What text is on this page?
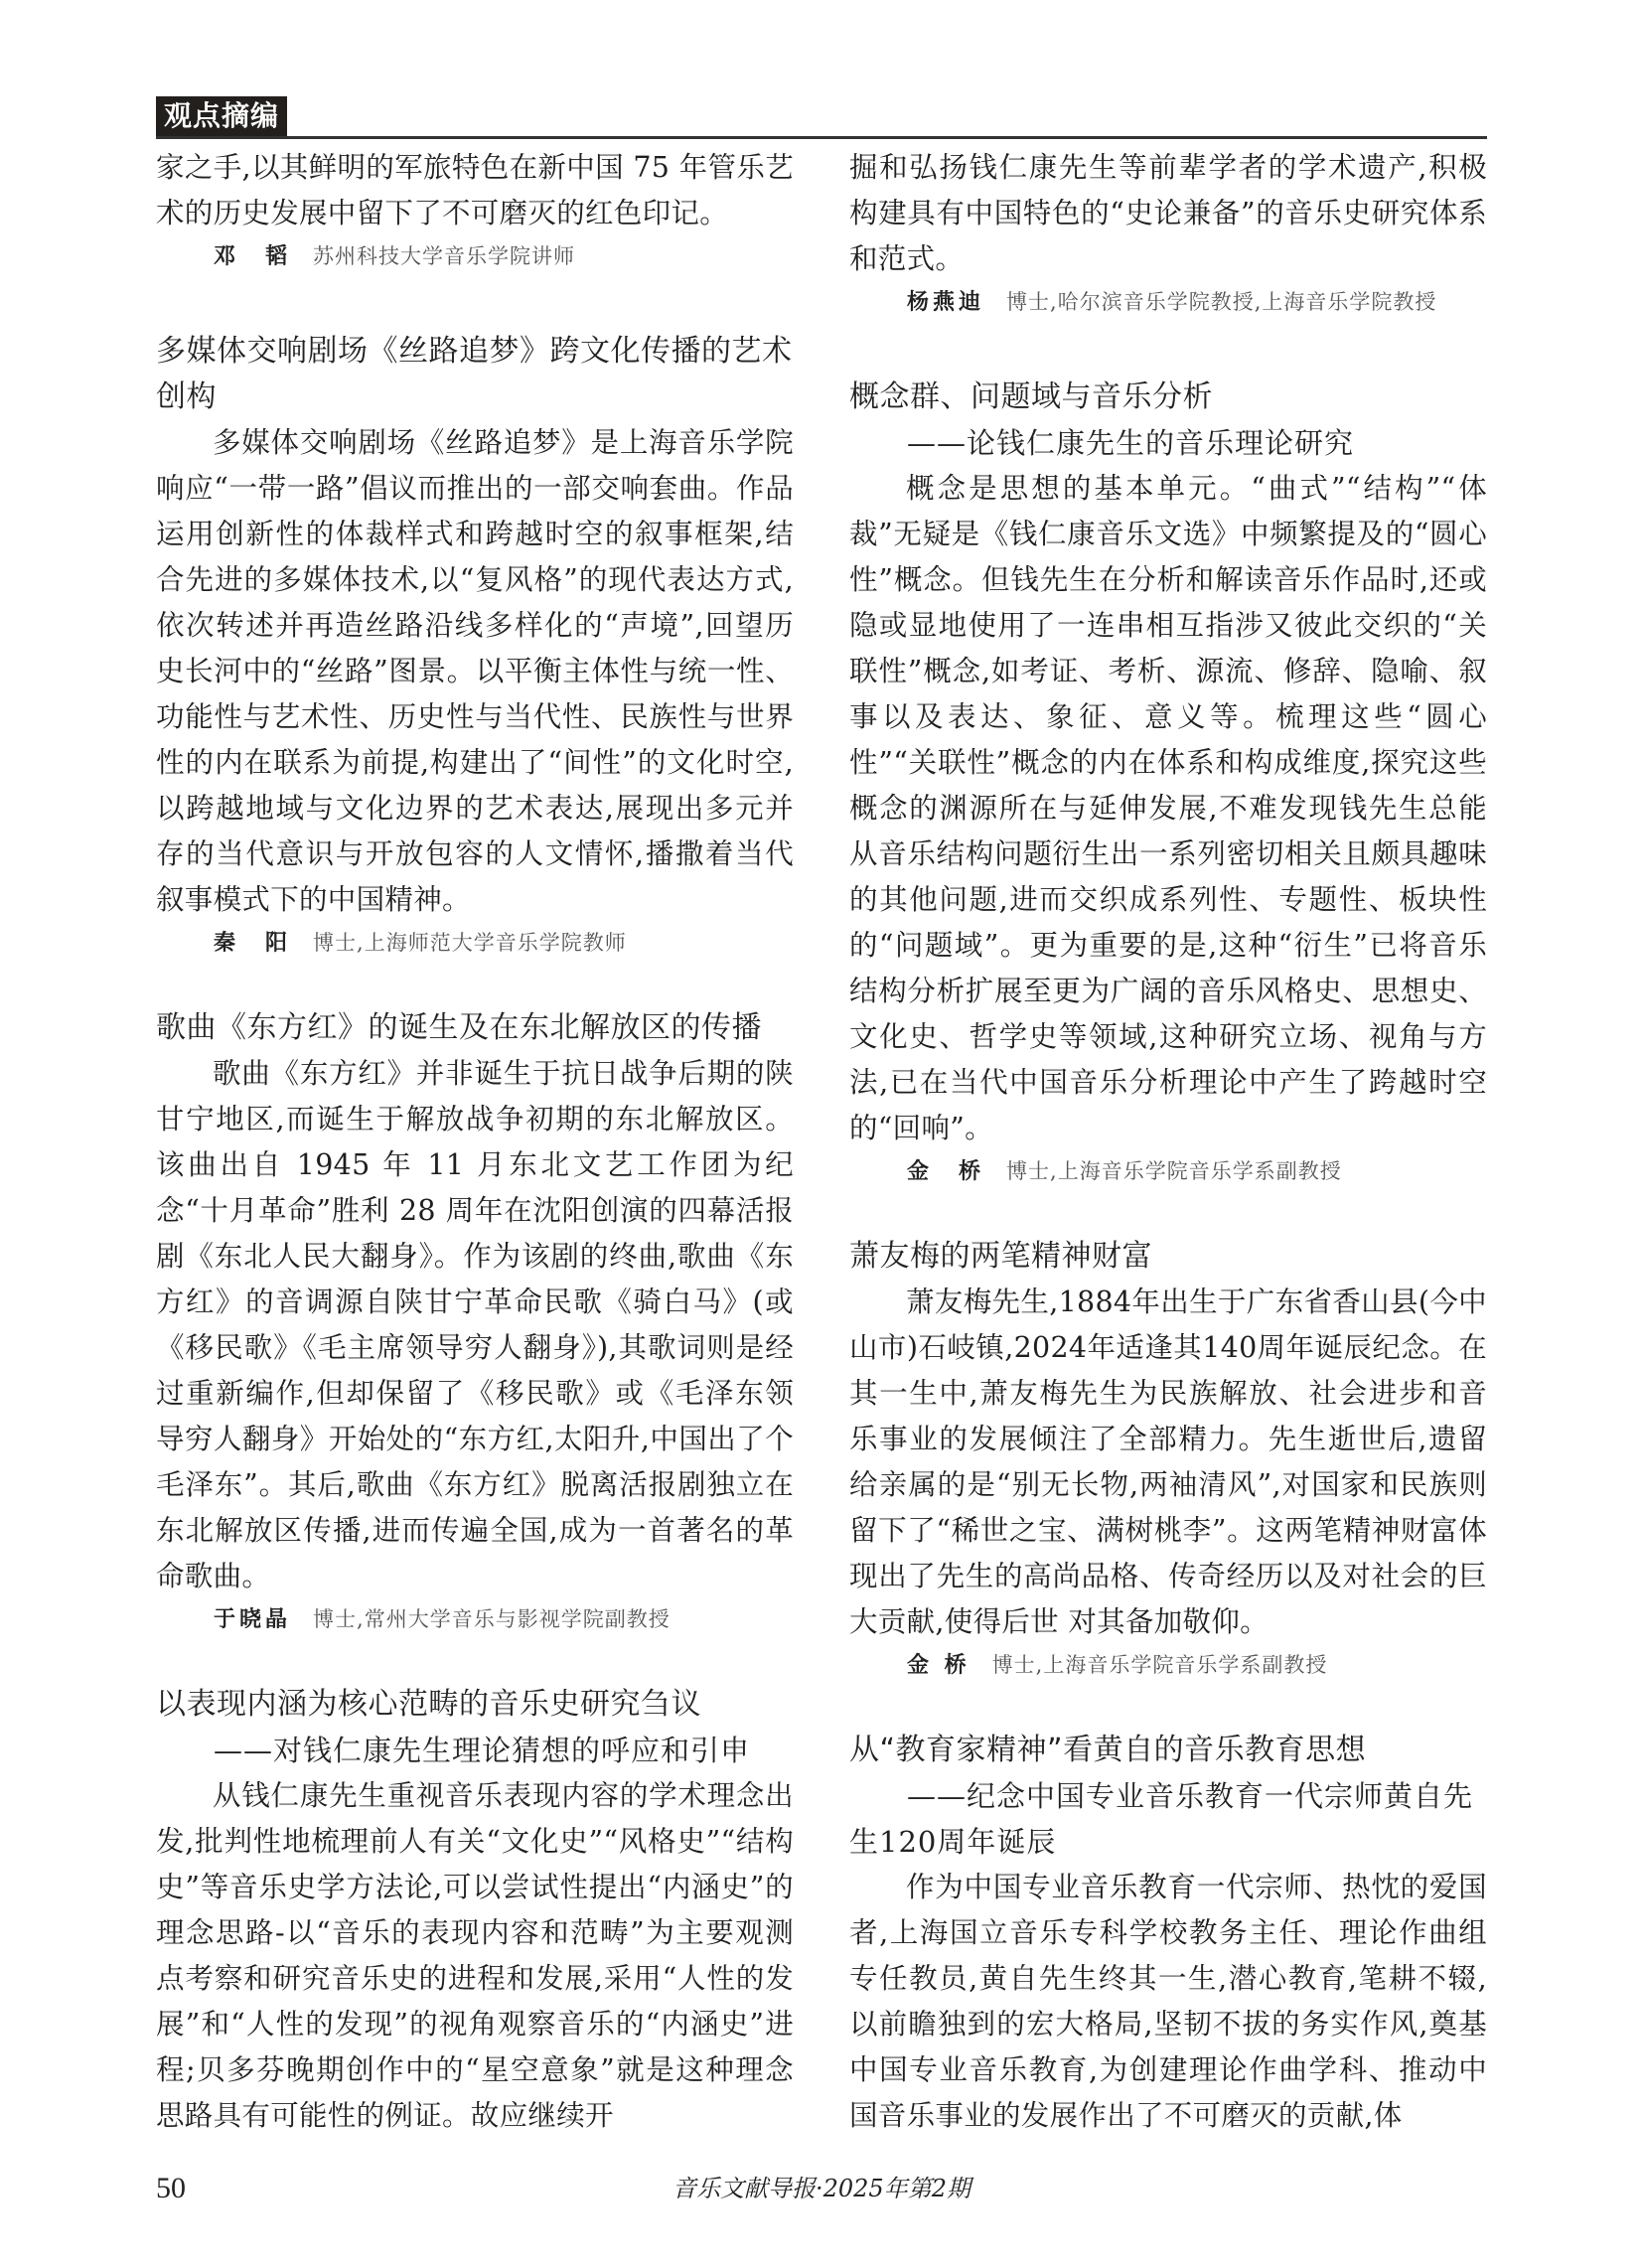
观点摘编

家之手,以其鲜明的军旅特色在新中国 75 年管乐艺术的历史发展中留下了不可磨灭的红色印记。

邓　韬 苏州科技大学音乐学院讲师
多媒体交响剧场《丝路追梦》跨文化传播的艺术创构

多媒体交响剧场《丝路追梦》是上海音乐学院响应“一带一路”倡议而推出的一部交响套曲。作品运用创新性的体裁样式和跨越时空的叙事框架,结合先进的多媒体技术,以“复风格”的现代表达方式,依次转述并再造丝路沿线多样化的“声境”,回望历史长河中的“丝路”图景。以平衡主体性与统一性、功能性与艺术性、历史性与当代性、民族性与世界性的内在联系为前提,构建出了“间性”的文化时空,以跨越地域与文化边界的艺术表达,展现出多元并存的当代意识与开放包容的人文情怀,播撒着当代叙事模式下的中国精神。

秦　阳 博士,上海师范大学音乐学院教师
歌曲《东方红》的诞生及在东北解放区的传播

歌曲《东方红》并非诞生于抗日战争后期的陕甘宁地区,而诞生于解放战争初期的东北解放区。该曲出自 1945 年 11 月东北文艺工作团为纪念“十月革命”胜利 28 周年在沈阳创演的四幕活报剧《东北人民大翻身》。作为该剧的终曲,歌曲《东方红》的音调源自陕甘宁革命民歌《骑白马》(或《移民歌》《毛主席领导穷人翻身》),其歌词则是经过重新编作,但却保留了《移民歌》或《毛泽东领导穷人翻身》开始处的“东方红,太阳升,中国出了个毛泽东”。其后,歌曲《东方红》脱离活报剧独立在东北解放区传播,进而传遍全国,成为一首著名的革命歌曲。

于晓晶 博士,常州大学音乐与影视学院副教授
以表现内涵为核心范畴的音乐史研究刍议

——对钱仁康先生理论猜想的呼应和引申

从钱仁康先生重视音乐表现内容的学术理念出发,批判性地梳理前人有关“文化史”“风格史”“结构史”等音乐史学方法论,可以尝试性提出“内涵史”的理念思路-以“音乐的表现内容和范畴”为主要观测点考察和研究音乐史的进程和发展,采用“人性的发展”和“人性的发现”的视角观察音乐的“内涵史”进程;贝多芬晚期创作中的“星空意象”就是这种理念思路具有可能性的例证。故应继续开

掘和弘扬钱仁康先生等前辈学者的学术遗产,积极构建具有中国特色的“史论兼备”的音乐史研究体系和范式。

杨燕迪 博士,哈尔滨音乐学院教授,上海音乐学院教授
概念群、问题域与音乐分析

——论钱仁康先生的音乐理论研究

概念是思想的基本单元。“曲式”“结构”“体裁”无疑是《钱仁康音乐文选》中频繁提及的“圆心性”概念。但钱先生在分析和解读音乐作品时,还或隐或显地使用了一连串相互指涉又彼此交织的“关联性”概念,如考证、考析、源流、修辞、隐喻、叙事以及表达、象征、意义等。梳理这些“圆心性”“关联性”概念的内在体系和构成维度,探究这些概念的渊源所在与延伸发展,不难发现钱先生总能从音乐结构问题衍生出一系列密切相关且颇具趣味的其他问题,进而交织成系列性、专题性、板块性的“问题域”。更为重要的是,这种“衍生”已将音乐结构分析扩展至更为广阔的音乐风格史、思想史、文化史、哲学史等领域,这种研究立场、视角与方法,已在当代中国音乐分析理论中产生了跨越时空的“回响”。

金　桥 博士,上海音乐学院音乐学系副教授
萧友梅的两笔精神财富

萧友梅先生,1884年出生于广东省香山县(今中山市)石岐镇,2024年适逢其140周年诞辰纪念。在其一生中,萧友梅先生为民族解放、社会进步和音乐事业的发展倾注了全部精力。先生逝世后,遗留给亲属的是“别无长物,两袖清风”,对国家和民族则留下了“稀世之宝、满树桃李”。这两笔精神财富体现出了先生的高尚品格、传奇经历以及对社会的巨大贡献,使得后世 对其备加敬仰。

金 桥 博士,上海音乐学院音乐学系副教授
从“教育家精神”看黄自的音乐教育思想

——纪念中国专业音乐教育一代宗师黄自先生120周年诞辰

作为中国专业音乐教育一代宗师、热忱的爱国者,上海国立音乐专科学校教务主任、理论作曲组专任教员,黄自先生终其一生,潜心教育,笔耕不辍,以前瞻独到的宏大格局,坚韧不拔的务实作风,奠基中国专业音乐教育,为创建理论作曲学科、推动中国音乐事业的发展作出了不可磨灭的贡献,体

50	音乐文献导报·2025年第2期
